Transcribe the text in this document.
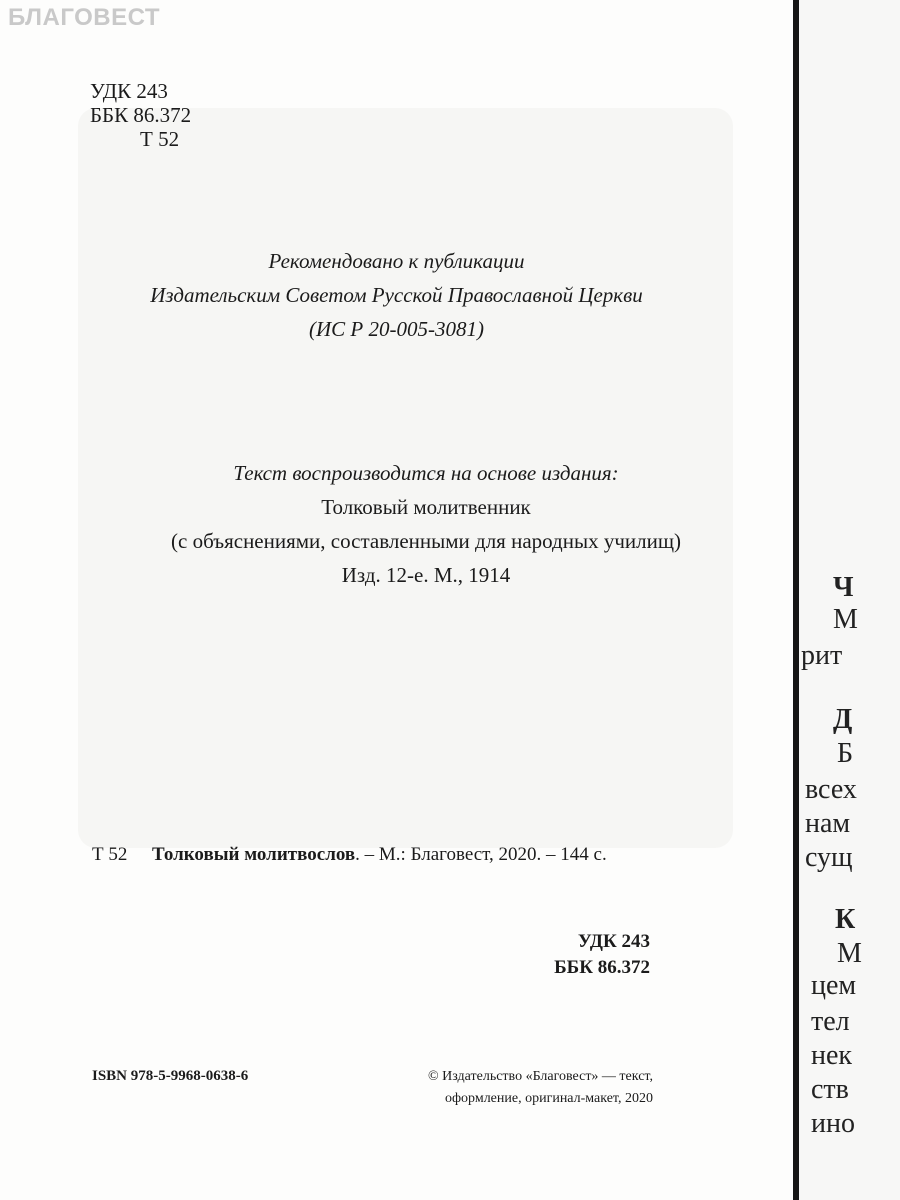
БЛАГОВЕСТ
УДК 243
ББК 86.372
Т 52
Рекомендовано к публикации
Издательским Советом Русской Православной Церкви
(ИС Р 20-005-3081)
Текст воспроизводится на основе издания:
Толковый молитвенник
(с объяснениями, составленными для народных училищ)
Изд. 12-е. М., 1914
Т 52 Толковый молитвослов. – М.: Благовест, 2020. – 144 с.
УДК 243
ББК 86.372
ISBN 978-5-9968-0638-6	© Издательство «Благовест» — текст,
оформление, оригинал-макет, 2020
Ч
М
рит
Д
Б
всех
нам
сущ
К
М
цем
тел
нек
ств
ино
